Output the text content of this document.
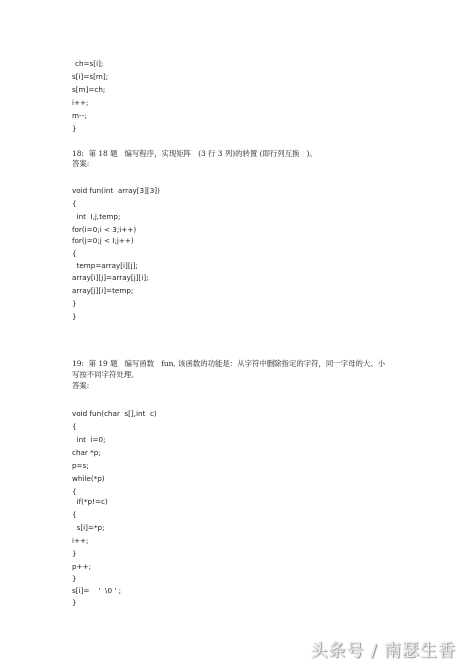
ch=s[i];
s[i]=s[m];
s[m]=ch;
i++;
m--;
}
18:  第 18 题   编写程序，实现矩阵   (3 行 3 列)的转置 (即行列互换   )。
答案:
void fun(int  array[3][3])
{
int  I,j,temp;
for(i=0;i < 3;i++)
for(j=0;j < I;j++)
{
temp=array[i][j];
array[i][j]=array[j][i];
array[j][i]=temp;
}
}
19:  第 19 题   编写函数   fun, 该函数的功能是：从字符中删除指定的字符，同一字母的大、小
写按不同字符处理。
答案:
void fun(char  s[],int  c)
{
int  i=0;
char *p;
p=s;
while(*p)
{
if(*p!=c)
{
s[i]=*p;
i++;
}
p++;
}
s[i]=    '  \0 ' ;
}
头条号 / 南瑟生香
